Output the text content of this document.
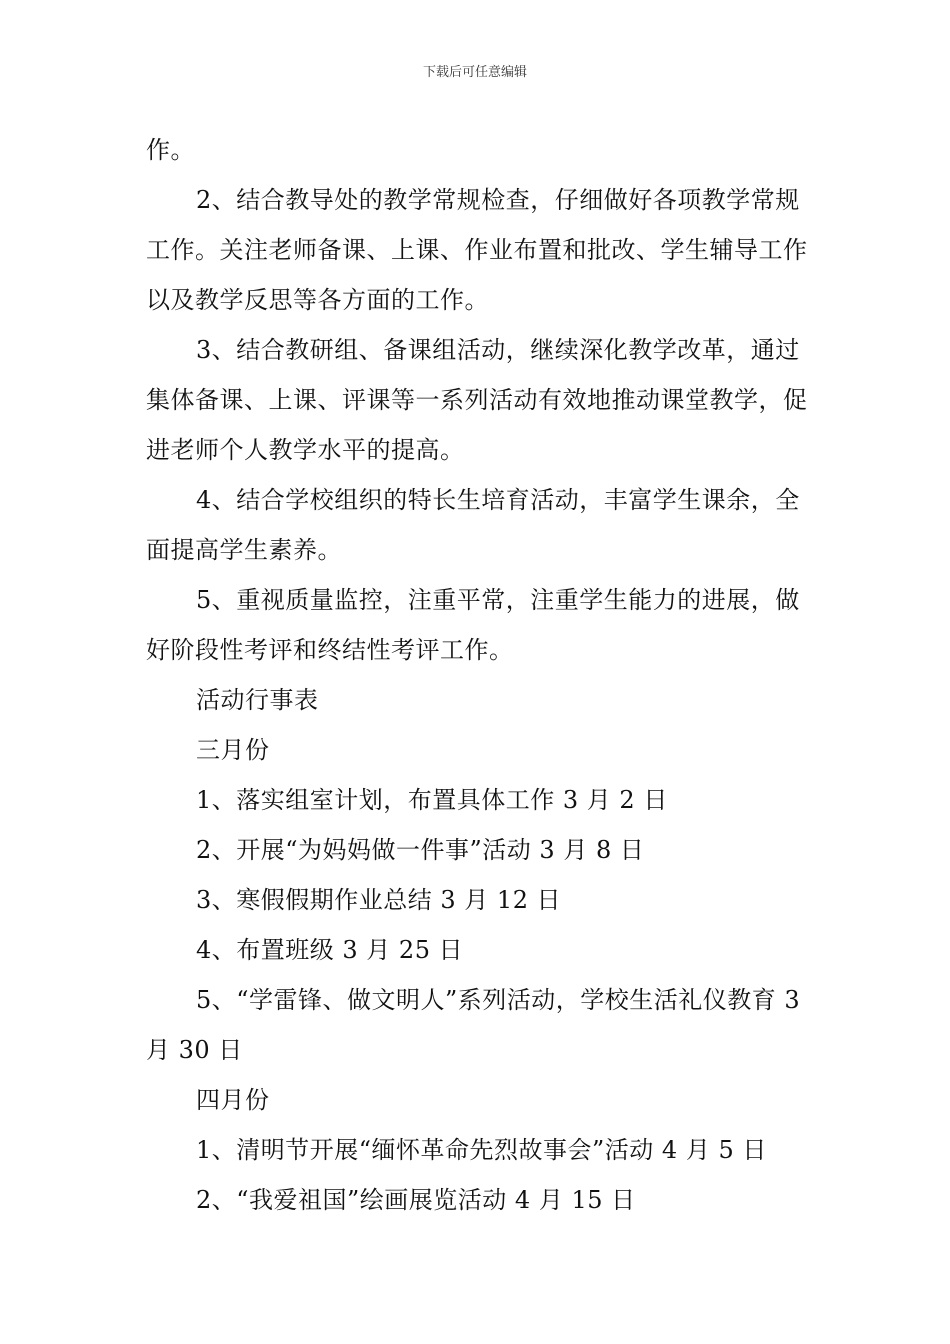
下载后可任意编辑

作。

2、结合教导处的教学常规检查，仔细做好各项教学常规工作。关注老师备课、上课、作业布置和批改、学生辅导工作以及教学反思等各方面的工作。

3、结合教研组、备课组活动，继续深化教学改革，通过集体备课、上课、评课等一系列活动有效地推动课堂教学，促进老师个人教学水平的提高。

4、结合学校组织的特长生培育活动，丰富学生课余，全面提高学生素养。

5、重视质量监控，注重平常，注重学生能力的进展，做好阶段性考评和终结性考评工作。

活动行事表

三月份

1、落实组室计划，布置具体工作 3 月 2 日

2、开展“为妈妈做一件事”活动 3 月 8 日

3、寒假假期作业总结 3 月 12 日

4、布置班级 3 月 25 日

5、“学雷锋、做文明人”系列活动，学校生活礼仪教育 3 月 30 日

四月份

1、清明节开展“缅怀革命先烈故事会”活动 4 月 5 日

2、“我爱祖国”绘画展览活动 4 月 15 日
